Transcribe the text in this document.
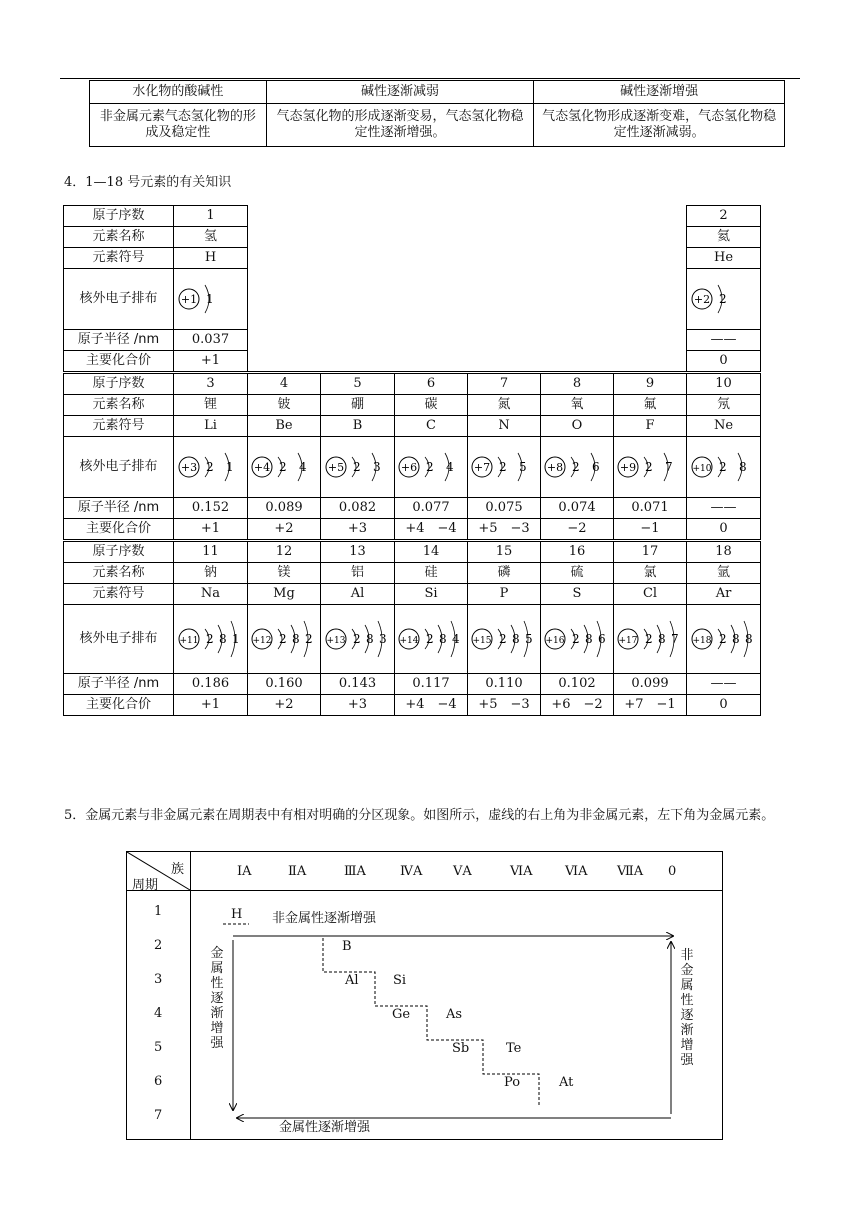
水化物的酸碱性	碱性逐渐减弱	碱性逐渐增强
非金属元素气态氢化物的形成及稳定性	气态氢化物的形成逐渐变易，气态氢化物稳定性逐渐增强。	气态氢化物形成逐渐变难，气态氢化物稳定性逐渐减弱。
4．1—18 号元素的有关知识
原子序数	1							2
元素名称	氢							氦
元素符号	H							He
核外电子排布	+1 1							+2 2

原子半径 /nm	0.037							——
主要化合价	+1							0
原子序数	3	4	5	6	7	8	9	10
元素名称	锂	铍	硼	碳	氮	氧	氟	氖
元素符号	Li	Be	B	C	N	O	F	Ne
核外电子排布	+3 2 1	+4 2 4	+5 2 3	+6 2 4	+7 2 5	+8 2 6	+9 2 7	+10 2 8

原子半径 /nm	0.152	0.089	0.082	0.077	0.075	0.074	0.071	——
主要化合价	+1	+2	+3	+4　−4	+5　−3	−2	−1	0
原子序数	11	12	13	14	15	16	17	18
元素名称	钠	镁	铝	硅	磷	硫	氯	氩
元素符号	Na	Mg	Al	Si	P	S	Cl	Ar
核外电子排布	+11 2 8 1	+12 2 8 2	+13 2 8 3	+14 2 8 4	+15 2 8 5	+16 2 8 6	+17 2 8 7	+18 2 8 8

原子半径 /nm	0.186	0.160	0.143	0.117	0.110	0.102	0.099	——
主要化合价	+1	+2	+3	+4　−4	+5　−3	+6　−2	+7　−1	0
5．金属元素与非金属元素在周期表中有相对明确的分区现象。如图所示，虚线的右上角为非金属元素，左下角为金属元素。
族
周期
ⅠA	ⅡA	ⅢA	ⅣA ⅤA	ⅥA	ⅥA ⅦA 0
1
2
3
4
5
6
7
H
B
Al	Si
Ge	As
Sb	Te
Po	At
非金属性逐渐增强
金属性逐渐增强
金属性逐渐增强
非金属性逐渐增强
